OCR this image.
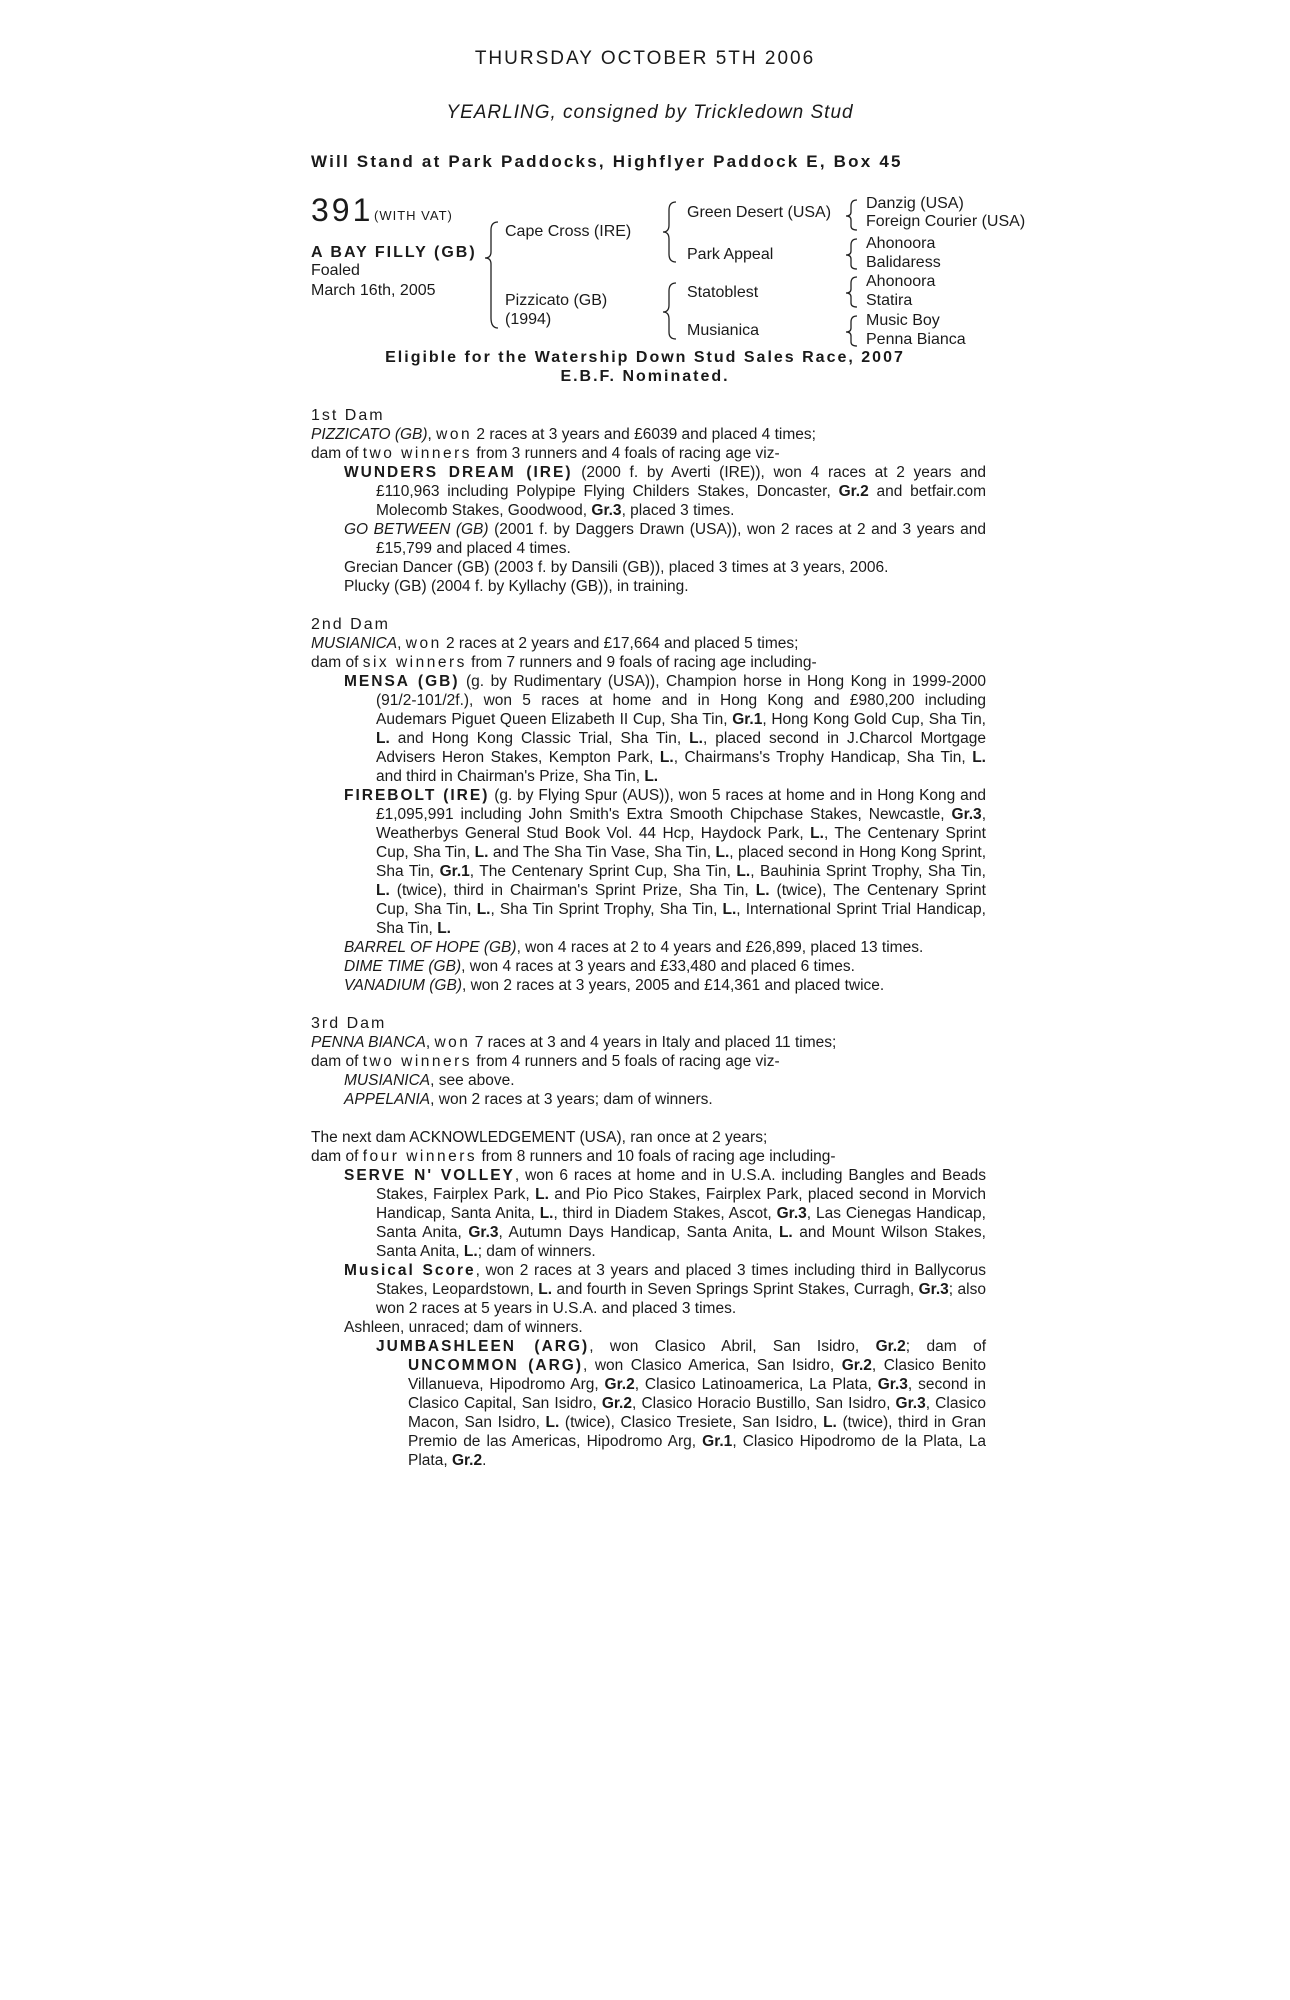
THURSDAY OCTOBER 5TH 2006
YEARLING, consigned by Trickledown Stud
Will Stand at Park Paddocks, Highflyer Paddock E, Box 45
391 (WITH VAT)
A BAY FILLY (GB)
Foaled
March 16th, 2005
Cape Cross (IRE)
Pizzicato (GB)
(1994)
Green Desert (USA)
Park Appeal
Statoblest
Musianica
Danzig (USA)
Foreign Courier (USA)
Ahonoora
Balidaress
Ahonoora
Statira
Music Boy
Penna Bianca
Eligible for the Watership Down Stud Sales Race, 2007
E.B.F. Nominated.

1st Dam

PIZZICATO (GB), won 2 races at 3 years and £6039 and placed 4 times;

dam of two winners from 3 runners and 4 foals of racing age viz-

WUNDERS DREAM (IRE) (2000 f. by Averti (IRE)), won 4 races at 2 years and £110,963 including Polypipe Flying Childers Stakes, Doncaster, Gr.2 and betfair.com Molecomb Stakes, Goodwood, Gr.3, placed 3 times.

GO BETWEEN (GB) (2001 f. by Daggers Drawn (USA)), won 2 races at 2 and 3 years and £15,799 and placed 4 times.

Grecian Dancer (GB) (2003 f. by Dansili (GB)), placed 3 times at 3 years, 2006.

Plucky (GB) (2004 f. by Kyllachy (GB)), in training.

2nd Dam

MUSIANICA, won 2 races at 2 years and £17,664 and placed 5 times;

dam of six winners from 7 runners and 9 foals of racing age including-

MENSA (GB) (g. by Rudimentary (USA)), Champion horse in Hong Kong in 1999-2000 (91/2-101/2f.), won 5 races at home and in Hong Kong and £980,200 including Audemars Piguet Queen Elizabeth II Cup, Sha Tin, Gr.1, Hong Kong Gold Cup, Sha Tin, L. and Hong Kong Classic Trial, Sha Tin, L., placed second in J.Charcol Mortgage Advisers Heron Stakes, Kempton Park, L., Chairmans's Trophy Handicap, Sha Tin, L. and third in Chairman's Prize, Sha Tin, L.

FIREBOLT (IRE) (g. by Flying Spur (AUS)), won 5 races at home and in Hong Kong and £1,095,991 including John Smith's Extra Smooth Chipchase Stakes, Newcastle, Gr.3, Weatherbys General Stud Book Vol. 44 Hcp, Haydock Park, L., The Centenary Sprint Cup, Sha Tin, L. and The Sha Tin Vase, Sha Tin, L., placed second in Hong Kong Sprint, Sha Tin, Gr.1, The Centenary Sprint Cup, Sha Tin, L., Bauhinia Sprint Trophy, Sha Tin, L. (twice), third in Chairman's Sprint Prize, Sha Tin, L. (twice), The Centenary Sprint Cup, Sha Tin, L., Sha Tin Sprint Trophy, Sha Tin, L., International Sprint Trial Handicap, Sha Tin, L.

BARREL OF HOPE (GB), won 4 races at 2 to 4 years and £26,899, placed 13 times.

DIME TIME (GB), won 4 races at 3 years and £33,480 and placed 6 times.

VANADIUM (GB), won 2 races at 3 years, 2005 and £14,361 and placed twice.

3rd Dam

PENNA BIANCA, won 7 races at 3 and 4 years in Italy and placed 11 times;

dam of two winners from 4 runners and 5 foals of racing age viz-

MUSIANICA, see above.

APPELANIA, won 2 races at 3 years; dam of winners.

The next dam ACKNOWLEDGEMENT (USA), ran once at 2 years;

dam of four winners from 8 runners and 10 foals of racing age including-

SERVE N' VOLLEY, won 6 races at home and in U.S.A. including Bangles and Beads Stakes, Fairplex Park, L. and Pio Pico Stakes, Fairplex Park, placed second in Morvich Handicap, Santa Anita, L., third in Diadem Stakes, Ascot, Gr.3, Las Cienegas Handicap, Santa Anita, Gr.3, Autumn Days Handicap, Santa Anita, L. and Mount Wilson Stakes, Santa Anita, L.; dam of winners.

Musical Score, won 2 races at 3 years and placed 3 times including third in Ballycorus Stakes, Leopardstown, L. and fourth in Seven Springs Sprint Stakes, Curragh, Gr.3; also won 2 races at 5 years in U.S.A. and placed 3 times.

Ashleen, unraced; dam of winners.

JUMBASHLEEN (ARG), won Clasico Abril, San Isidro, Gr.2; dam of UNCOMMON (ARG), won Clasico America, San Isidro, Gr.2, Clasico Benito Villanueva, Hipodromo Arg, Gr.2, Clasico Latinoamerica, La Plata, Gr.3, second in Clasico Capital, San Isidro, Gr.2, Clasico Horacio Bustillo, San Isidro, Gr.3, Clasico Macon, San Isidro, L. (twice), Clasico Tresiete, San Isidro, L. (twice), third in Gran Premio de las Americas, Hipodromo Arg, Gr.1, Clasico Hipodromo de la Plata, La Plata, Gr.2.
